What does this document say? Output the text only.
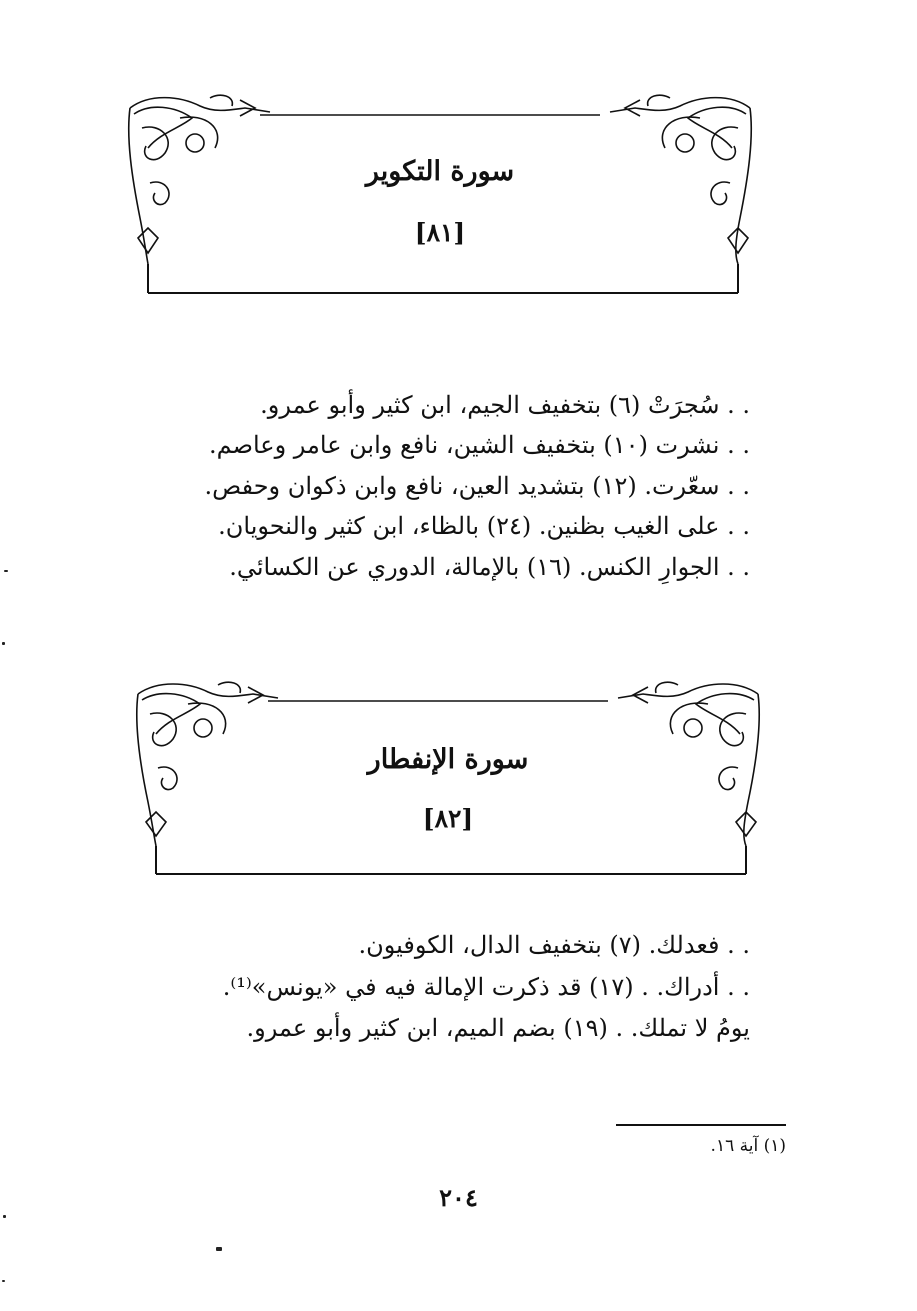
سورة التكوير
[٨١]
. . سُجرَتْ (٦) بتخفيف الجيم، ابن كثير وأبو عمرو.
. . نشرت (١٠) بتخفيف الشين، نافع وابن عامر وعاصم.
. . سعّرت. (١٢) بتشديد العين، نافع وابن ذكوان وحفص.
. . على الغيب بظنين. (٢٤) بالظاء، ابن كثير والنحويان.
. . الجوارِ الكنس. (١٦) بالإمالة، الدوري عن الكسائي.
سورة الإنفطار
[٨٢]
. . فعدلك. (٧) بتخفيف الدال، الكوفيون.
. . أدراك. . (١٧) قد ذكرت الإمالة فيه في «يونس»⁽¹⁾.
يومُ لا تملك. . (١٩) بضم الميم، ابن كثير وأبو عمرو.
(١) آية ١٦.
٢٠٤
